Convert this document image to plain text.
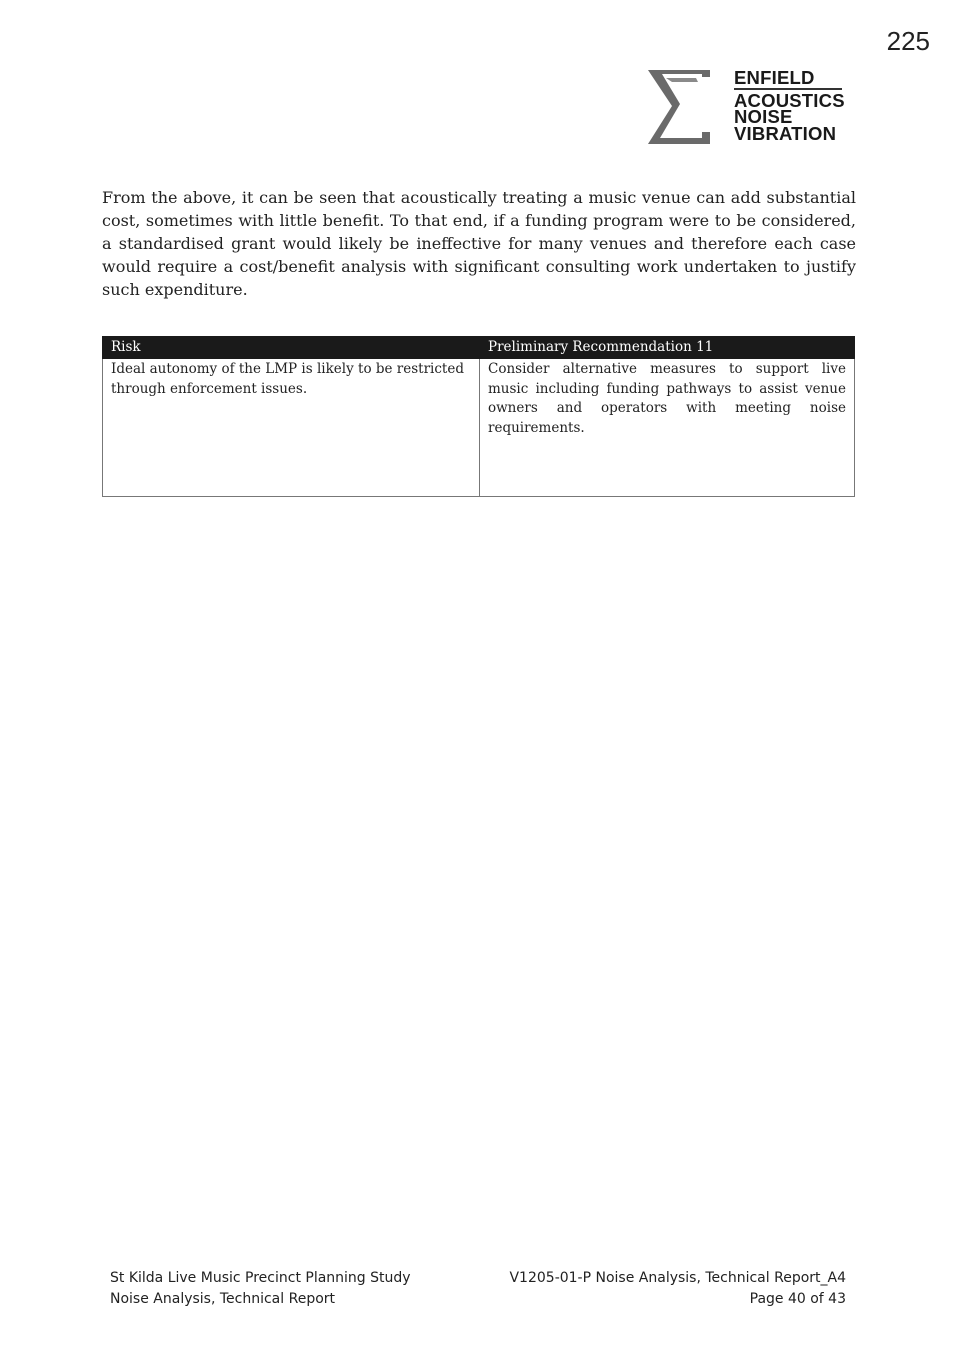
225
ENFIELD
ACOUSTICS
NOISE
VIBRATION

From the above, it can be seen that acoustically treating a music venue can add substantial cost, sometimes with little benefit. To that end, if a funding program were to be considered, a standardised grant would likely be ineffective for many venues and therefore each case would require a cost/benefit analysis with significant consulting work undertaken to justify such expenditure.

Risk	Preliminary Recommendation 11
Ideal autonomy of the LMP is likely to be restricted through enforcement issues.	Consider alternative measures to support live music including funding pathways to assist venue owners and operators with meeting noise requirements.
St Kilda Live Music Precinct Planning Study
Noise Analysis, Technical Report
V1205-01-P Noise Analysis, Technical Report_A4
Page 40 of 43
